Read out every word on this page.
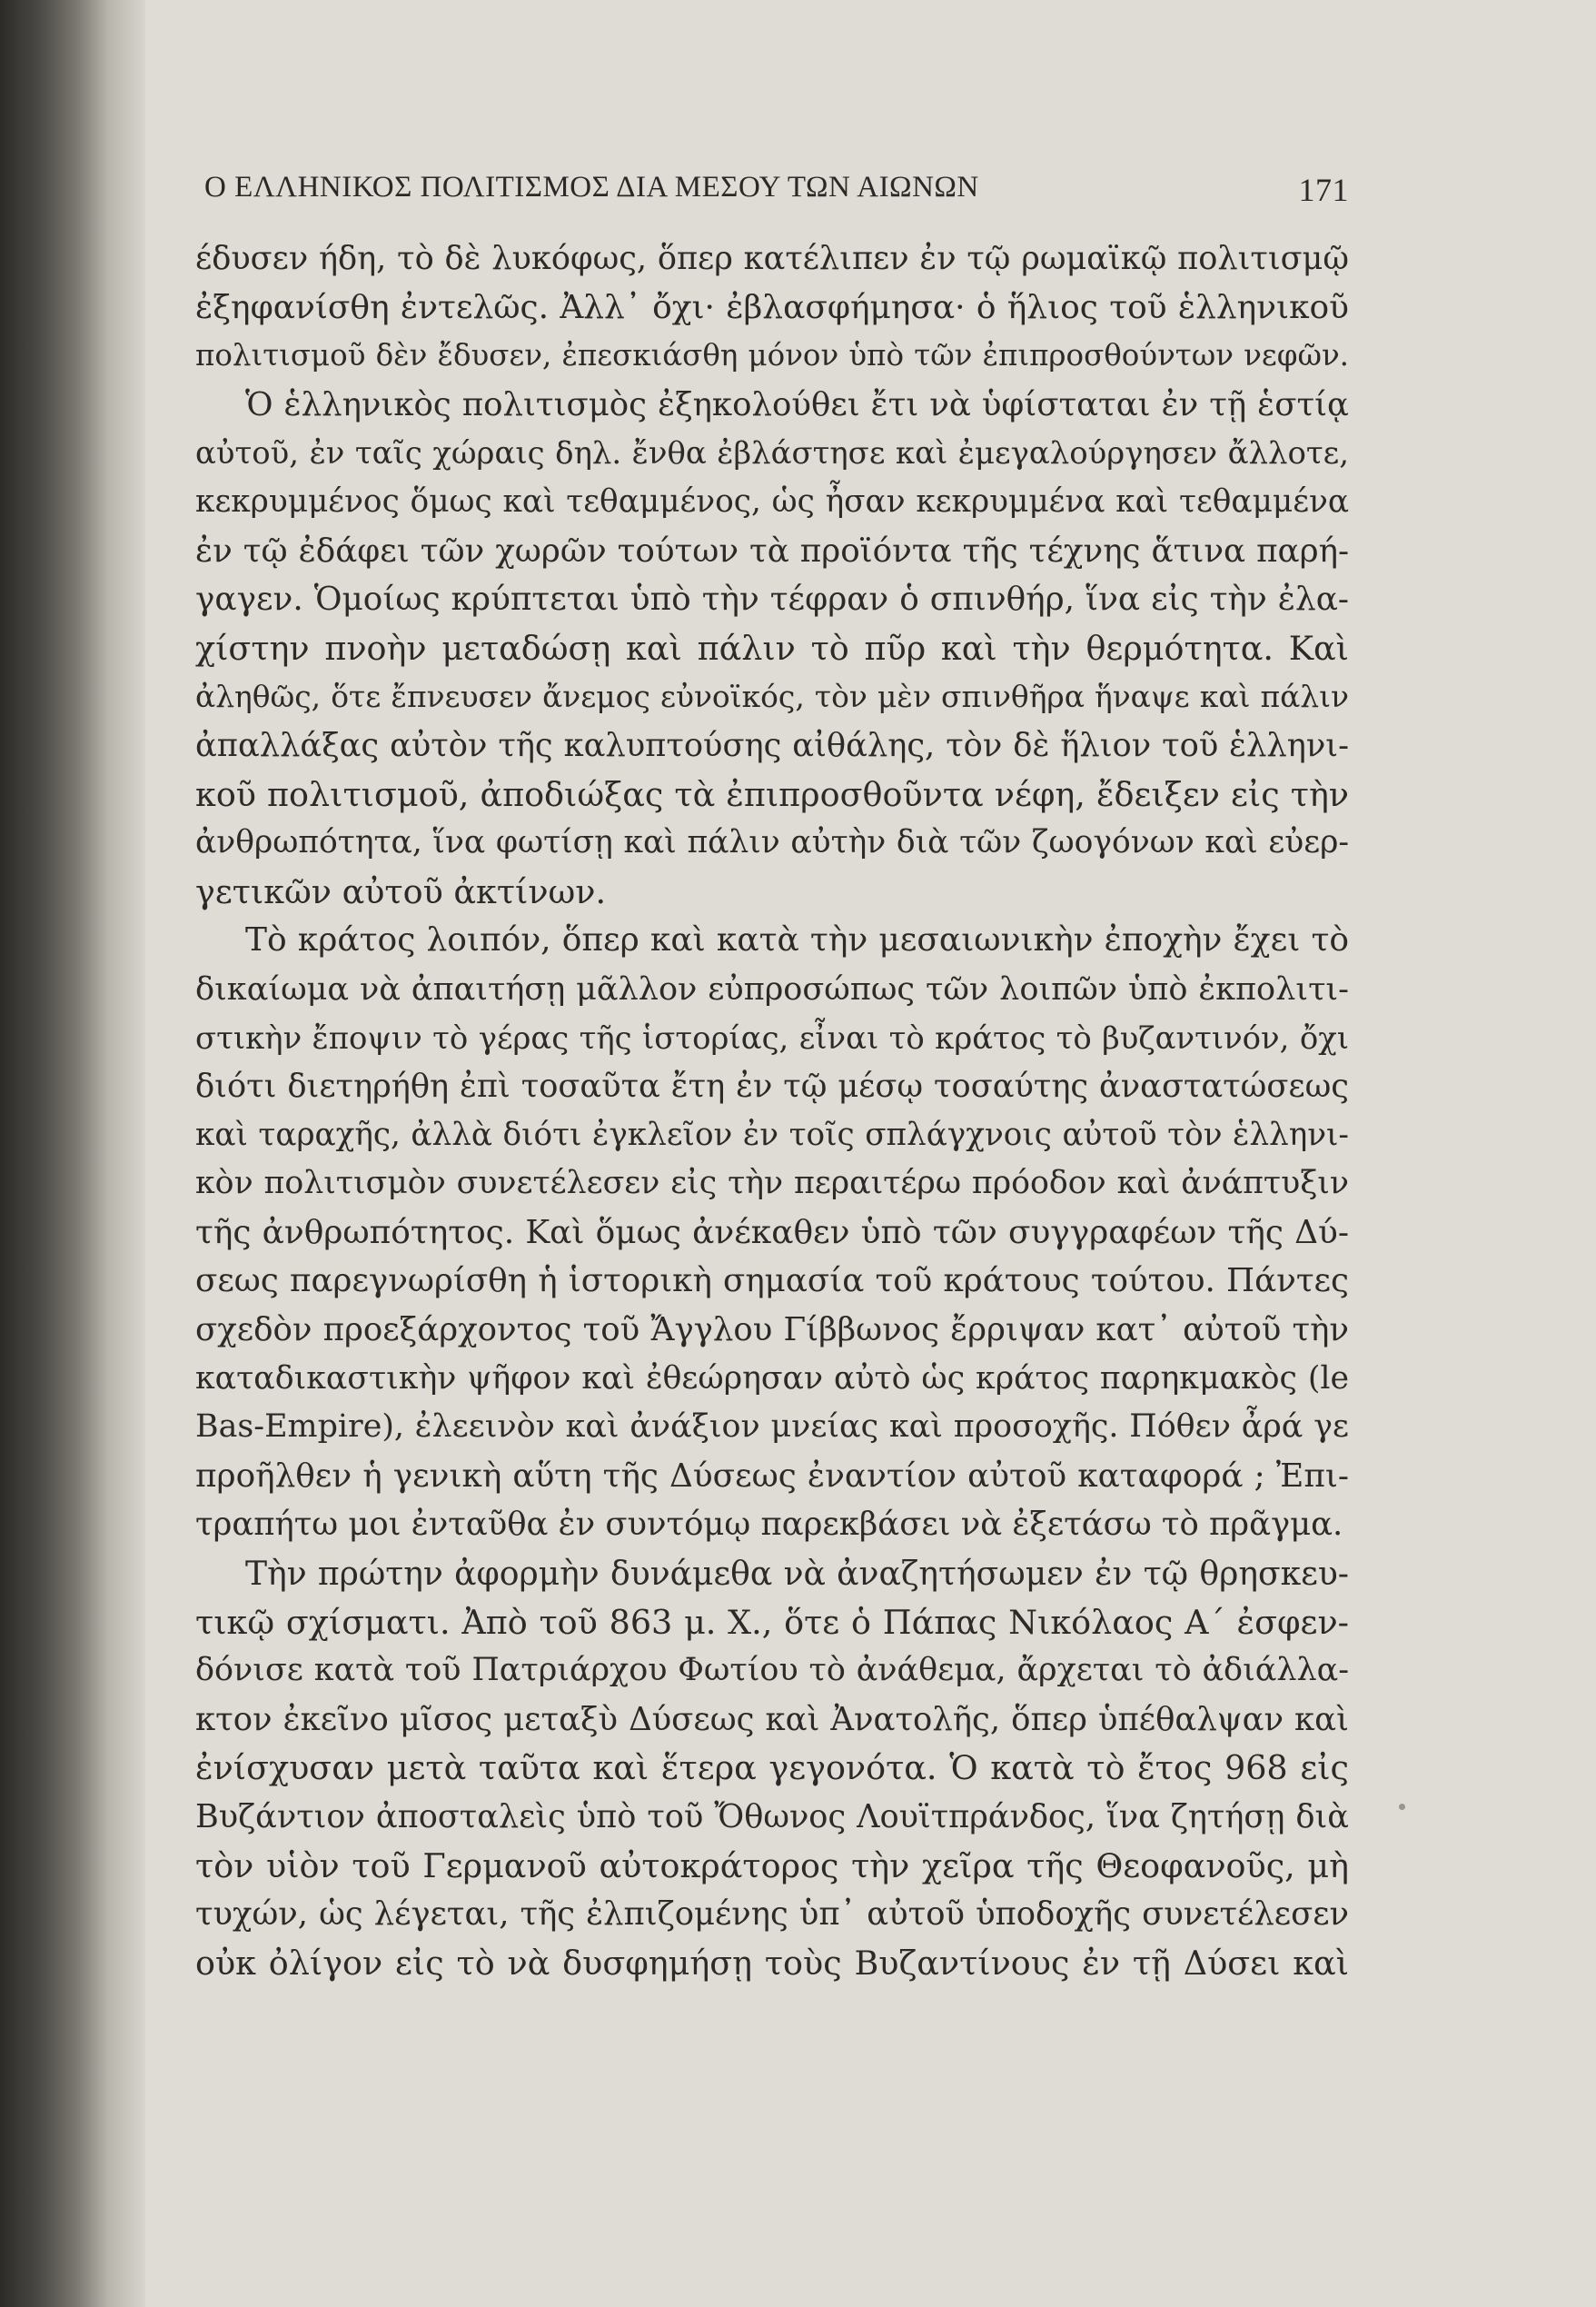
Ο ΕΛΛΗΝΙΚΟΣ ΠΟΛΙΤΙΣΜΟΣ ΔΙΑ ΜΕΣΟΥ ΤΩΝ ΑΙΩΝΩΝ	171
έδυσεν ήδη, τὸ δὲ λυκόφως, ὅπερ κατέλιπεν ἐν τῷ ρωμαϊκῷ πολιτισμῷ
ἐξηφανίσθη ἐντελῶς. Ἀλλ᾽ ὄχι· ἐβλασφήμησα· ὁ ἥλιος τοῦ ἑλληνικοῦ
πολιτισμοῦ δὲν ἔδυσεν, ἐπεσκιάσθη μόνον ὑπὸ τῶν ἐπιπροσθούντων νεφῶν.
Ὁ ἑλληνικὸς πολιτισμὸς ἐξηκολούθει ἔτι νὰ ὑφίσταται ἐν τῇ ἑστίᾳ
αὐτοῦ, ἐν ταῖς χώραις δηλ. ἔνθα ἐβλάστησε καὶ ἐμεγαλούργησεν ἄλλοτε,
κεκρυμμένος ὅμως καὶ τεθαμμένος, ὡς ἦσαν κεκρυμμένα καὶ τεθαμμένα
ἐν τῷ ἐδάφει τῶν χωρῶν τούτων τὰ προϊόντα τῆς τέχνης ἅτινα παρή-
γαγεν. Ὁμοίως κρύπτεται ὑπὸ τὴν τέφραν ὁ σπινθήρ, ἵνα εἰς τὴν ἐλα-
χίστην πνοὴν μεταδώσῃ καὶ πάλιν τὸ πῦρ καὶ τὴν θερμότητα. Καὶ
ἀληθῶς, ὅτε ἔπνευσεν ἄνεμος εὐνοϊκός, τὸν μὲν σπινθῆρα ἥναψε καὶ πάλιν
ἀπαλλάξας αὐτὸν τῆς καλυπτούσης αἰθάλης, τὸν δὲ ἥλιον τοῦ ἑλληνι-
κοῦ πολιτισμοῦ, ἀποδιώξας τὰ ἐπιπροσθοῦντα νέφη, ἔδειξεν εἰς τὴν
ἀνθρωπότητα, ἵνα φωτίσῃ καὶ πάλιν αὐτὴν διὰ τῶν ζωογόνων καὶ εὐερ-
γετικῶν αὐτοῦ ἀκτίνων.
Τὸ κράτος λοιπόν, ὅπερ καὶ κατὰ τὴν μεσαιωνικὴν ἐποχὴν ἔχει τὸ
δικαίωμα νὰ ἀπαιτήσῃ μᾶλλον εὐπροσώπως τῶν λοιπῶν ὑπὸ ἐκπολιτι-
στικὴν ἔποψιν τὸ γέρας τῆς ἱστορίας, εἶναι τὸ κράτος τὸ βυζαντινόν, ὄχι
διότι διετηρήθη ἐπὶ τοσαῦτα ἔτη ἐν τῷ μέσῳ τοσαύτης ἀναστατώσεως
καὶ ταραχῆς, ἀλλὰ διότι ἐγκλεῖον ἐν τοῖς σπλάγχνοις αὐτοῦ τὸν ἑλληνι-
κὸν πολιτισμὸν συνετέλεσεν εἰς τὴν περαιτέρω πρόοδον καὶ ἀνάπτυξιν
τῆς ἀνθρωπότητος. Καὶ ὅμως ἀνέκαθεν ὑπὸ τῶν συγγραφέων τῆς Δύ-
σεως παρεγνωρίσθη ἡ ἱστορικὴ σημασία τοῦ κράτους τούτου. Πάντες
σχεδὸν προεξάρχοντος τοῦ Ἄγγλου Γίββωνος ἔρριψαν κατ᾽ αὐτοῦ τὴν
καταδικαστικὴν ψῆφον καὶ ἐθεώρησαν αὐτὸ ὡς κράτος παρηκμακὸς (le
Bas-Empire), ἐλεεινὸν καὶ ἀνάξιον μνείας καὶ προσοχῆς. Πόθεν ἆρά γε
προῆλθεν ἡ γενικὴ αὕτη τῆς Δύσεως ἐναντίον αὐτοῦ καταφορά ; Ἐπι-
τραπήτω μοι ἐνταῦθα ἐν συντόμῳ παρεκβάσει νὰ ἐξετάσω τὸ πρᾶγμα.
Τὴν πρώτην ἀφορμὴν δυνάμεθα νὰ ἀναζητήσωμεν ἐν τῷ θρησκευ-
τικῷ σχίσματι. Ἀπὸ τοῦ 863 μ. Χ., ὅτε ὁ Πάπας Νικόλαος Α΄ ἐσφεν-
δόνισε κατὰ τοῦ Πατριάρχου Φωτίου τὸ ἀνάθεμα, ἄρχεται τὸ ἀδιάλλα-
κτον ἐκεῖνο μῖσος μεταξὺ Δύσεως καὶ Ἀνατολῆς, ὅπερ ὑπέθαλψαν καὶ
ἐνίσχυσαν μετὰ ταῦτα καὶ ἕτερα γεγονότα. Ὁ κατὰ τὸ ἔτος 968 εἰς
Βυζάντιον ἀποσταλεὶς ὑπὸ τοῦ Ὄθωνος Λουϊτπράνδος, ἵνα ζητήσῃ διὰ
τὸν υἱὸν τοῦ Γερμανοῦ αὐτοκράτορος τὴν χεῖρα τῆς Θεοφανοῦς, μὴ
τυχών, ὡς λέγεται, τῆς ἐλπιζομένης ὑπ᾽ αὐτοῦ ὑποδοχῆς συνετέλεσεν
οὐκ ὀλίγον εἰς τὸ νὰ δυσφημήσῃ τοὺς Βυζαντίνους ἐν τῇ Δύσει καὶ
